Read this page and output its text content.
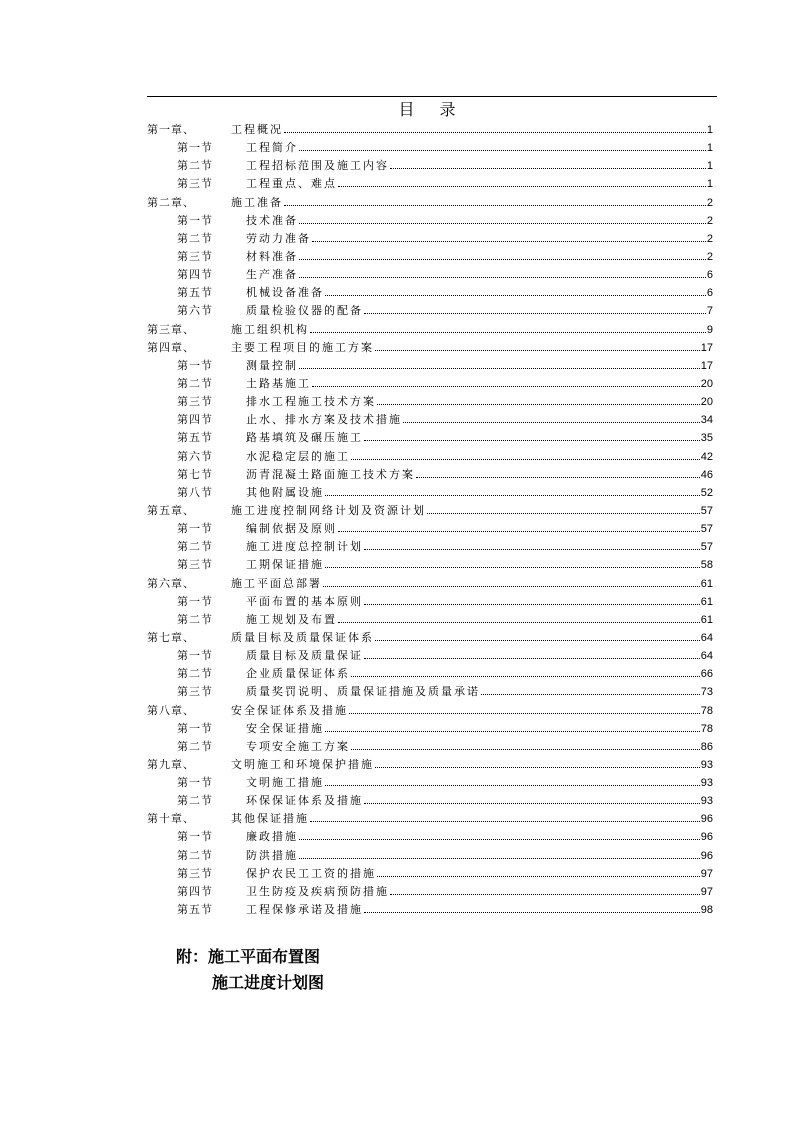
目 录
第一章、	工程概况	1
第一节	工程简介	1
第二节	工程招标范围及施工内容	1
第三节	工程重点、难点	1
第二章、	施工准备	2
第一节	技术准备	2
第二节	劳动力准备	2
第三节	材料准备	2
第四节	生产准备	6
第五节	机械设备准备	6
第六节	质量检验仪器的配备	7
第三章、	施工组织机构	9
第四章、	主要工程项目的施工方案	17
第一节	测量控制	17
第二节	土路基施工	20
第三节	排水工程施工技术方案	20
第四节	止水、排水方案及技术措施	34
第五节	路基填筑及碾压施工	35
第六节	水泥稳定层的施工	42
第七节	沥青混凝土路面施工技术方案	46
第八节	其他附属设施	52
第五章、	施工进度控制网络计划及资源计划	57
第一节	编制依据及原则	57
第二节	施工进度总控制计划	57
第三节	工期保证措施	58
第六章、	施工平面总部署	61
第一节	平面布置的基本原则	61
第二节	施工规划及布置	61
第七章、	质量目标及质量保证体系	64
第一节	质量目标及质量保证	64
第二节	企业质量保证体系	66
第三节	质量奖罚说明、质量保证措施及质量承诺	73
第八章、	安全保证体系及措施	78
第一节	安全保证措施	78
第二节	专项安全施工方案	86
第九章、	文明施工和环境保护措施	93
第一节	文明施工措施	93
第二节	环保保证体系及措施	93
第十章、	其他保证措施	96
第一节	廉政措施	96
第二节	防洪措施	96
第三节	保护农民工工资的措施	97
第四节	卫生防疫及疾病预防措施	97
第五节	工程保修承诺及措施	98
附：施工平面布置图
施工进度计划图
